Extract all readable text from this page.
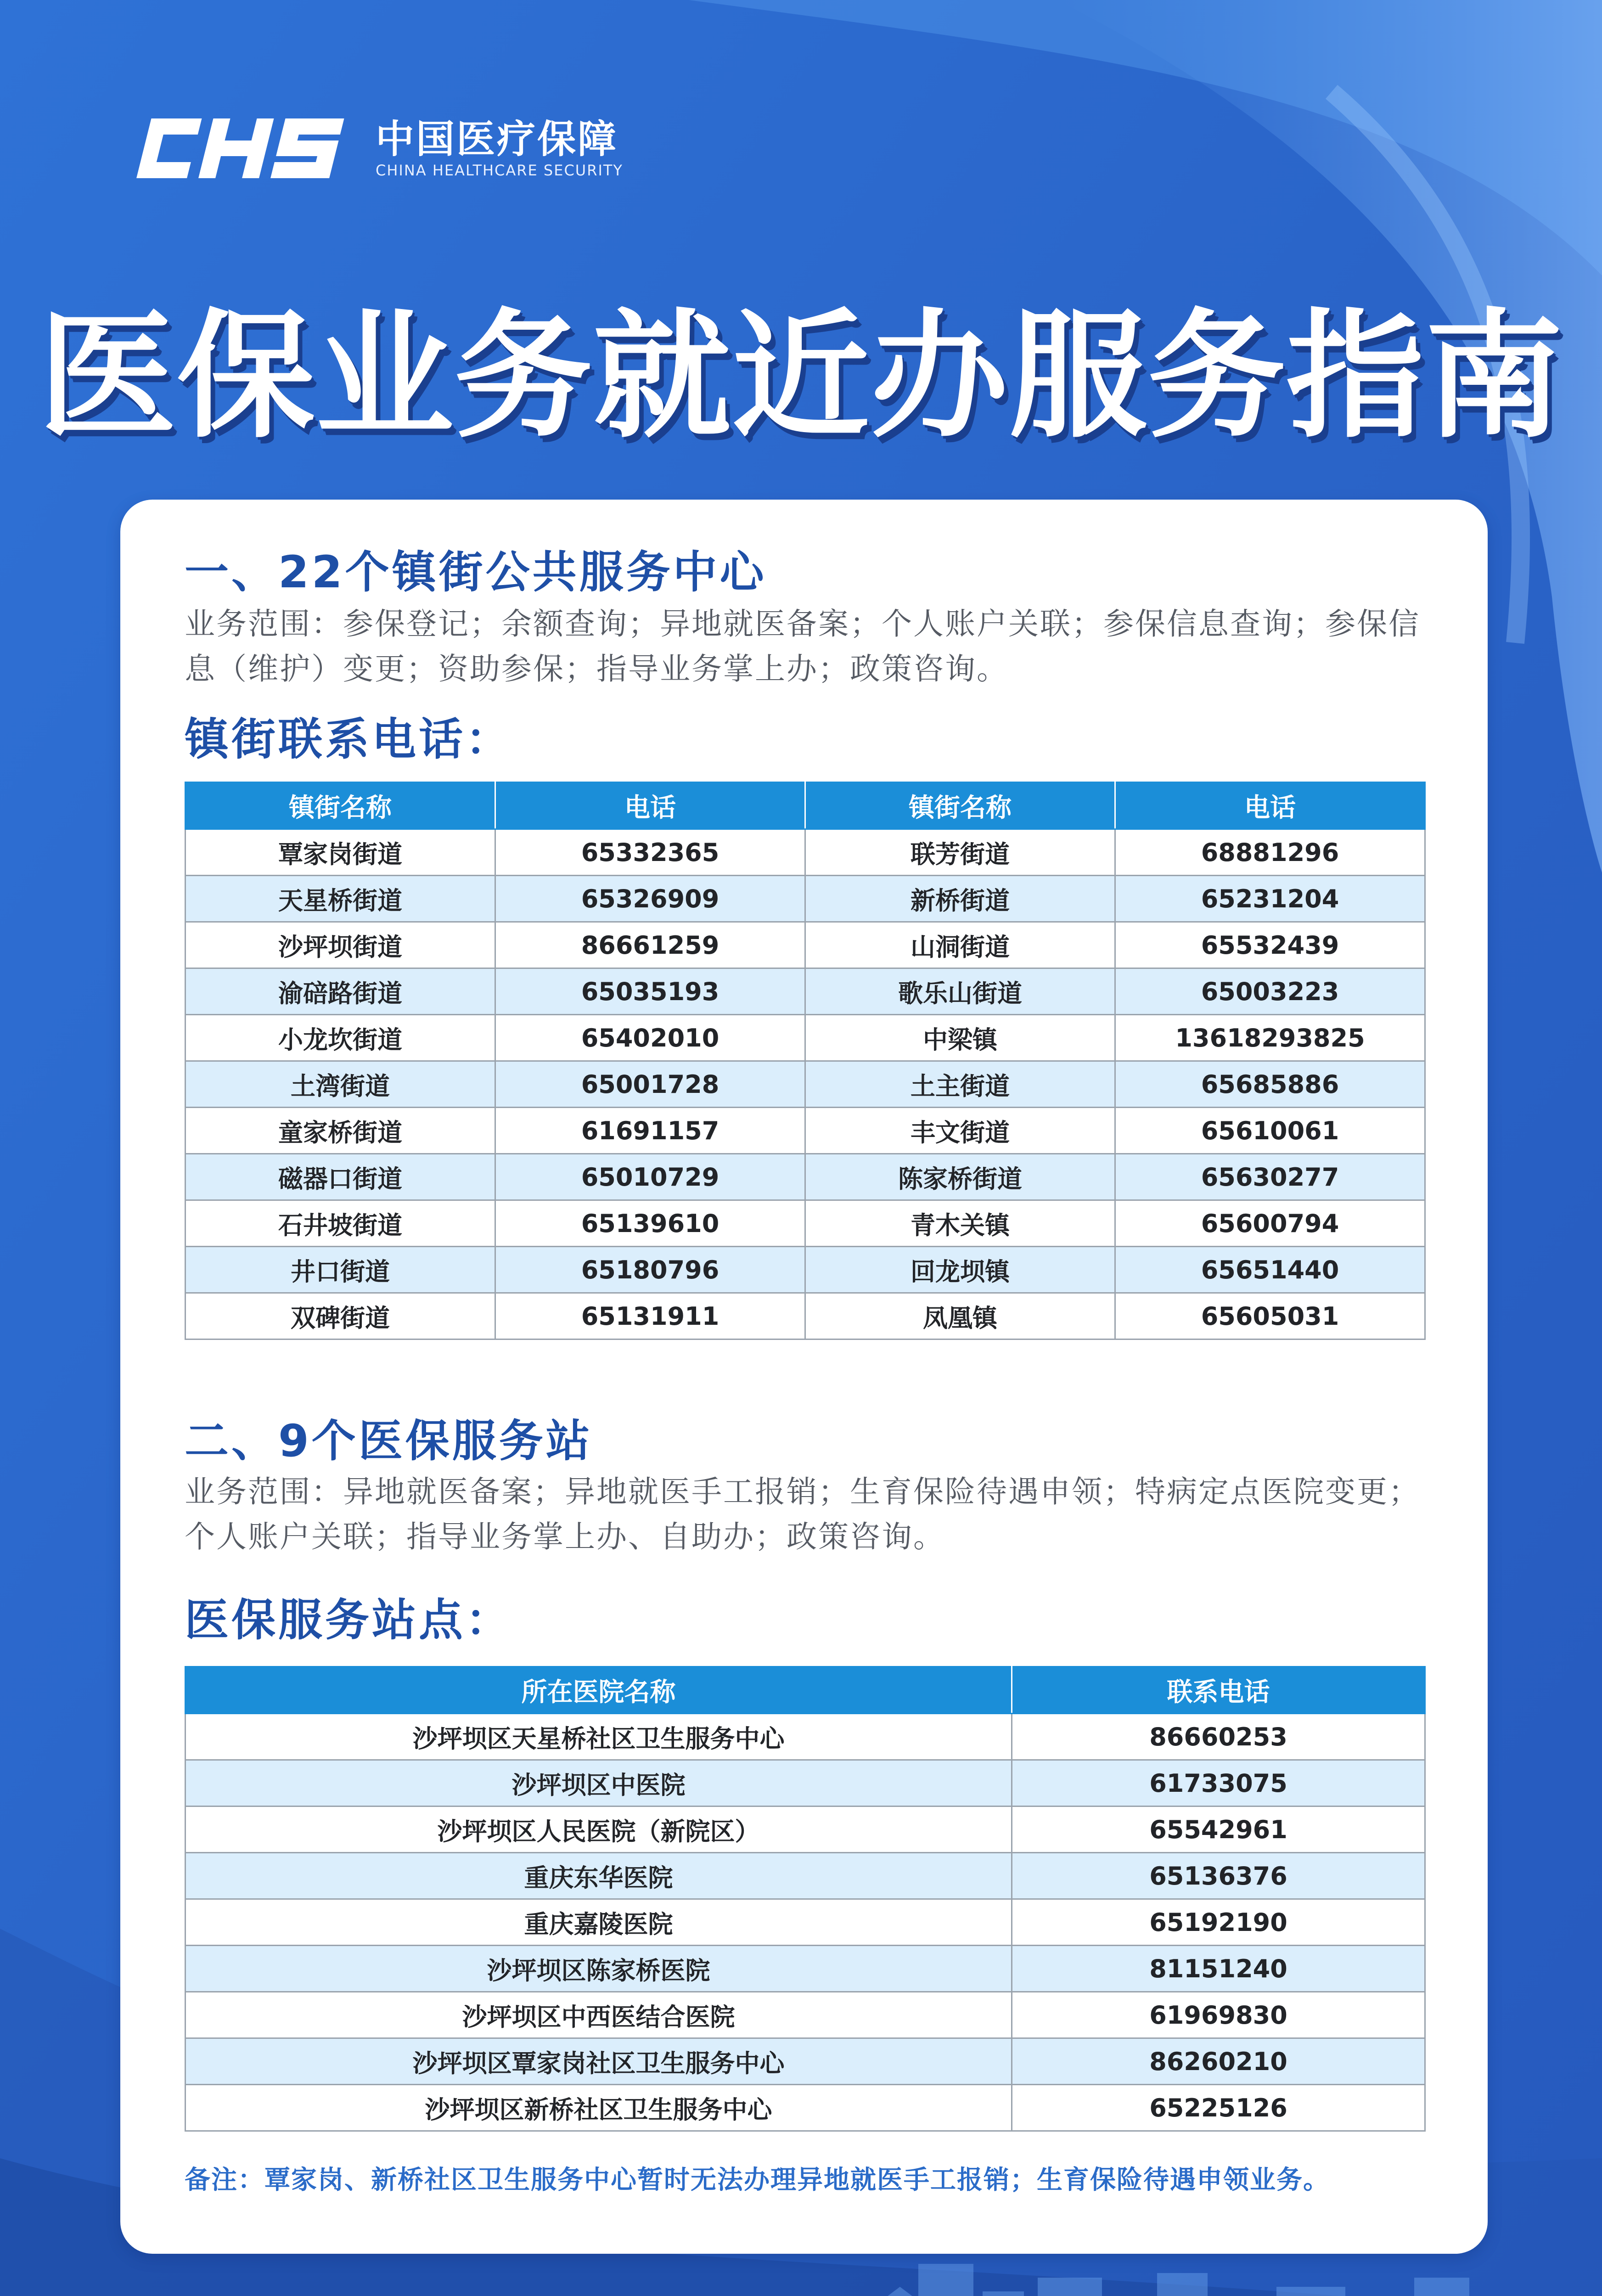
中国医疗保障
CHINA HEALTHCARE SECURITY
医保业务就近办服务指南
一、22个镇街公共服务中心
业务范围：参保登记；余额查询；异地就医备案；个人账户关联；参保信息查询；参保信息（维护）变更；资助参保；指导业务掌上办；政策咨询。
镇街联系电话：
镇街名称	电话	镇街名称	电话
覃家岗街道	65332365	联芳街道	68881296
天星桥街道	65326909	新桥街道	65231204
沙坪坝街道	86661259	山洞街道	65532439
渝碚路街道	65035193	歌乐山街道	65003223
小龙坎街道	65402010	中梁镇	13618293825
土湾街道	65001728	土主街道	65685886
童家桥街道	61691157	丰文街道	65610061
磁器口街道	65010729	陈家桥街道	65630277
石井坡街道	65139610	青木关镇	65600794
井口街道	65180796	回龙坝镇	65651440
双碑街道	65131911	凤凰镇	65605031
二、9个医保服务站
业务范围：异地就医备案；异地就医手工报销；生育保险待遇申领；特病定点医院变更；个人账户关联；指导业务掌上办、自助办；政策咨询。
医保服务站点：
所在医院名称	联系电话
沙坪坝区天星桥社区卫生服务中心	86660253
沙坪坝区中医院	61733075
沙坪坝区人民医院（新院区）	65542961
重庆东华医院	65136376
重庆嘉陵医院	65192190
沙坪坝区陈家桥医院	81151240
沙坪坝区中西医结合医院	61969830
沙坪坝区覃家岗社区卫生服务中心	86260210
沙坪坝区新桥社区卫生服务中心	65225126
备注：覃家岗、新桥社区卫生服务中心暂时无法办理异地就医手工报销；生育保险待遇申领业务。
